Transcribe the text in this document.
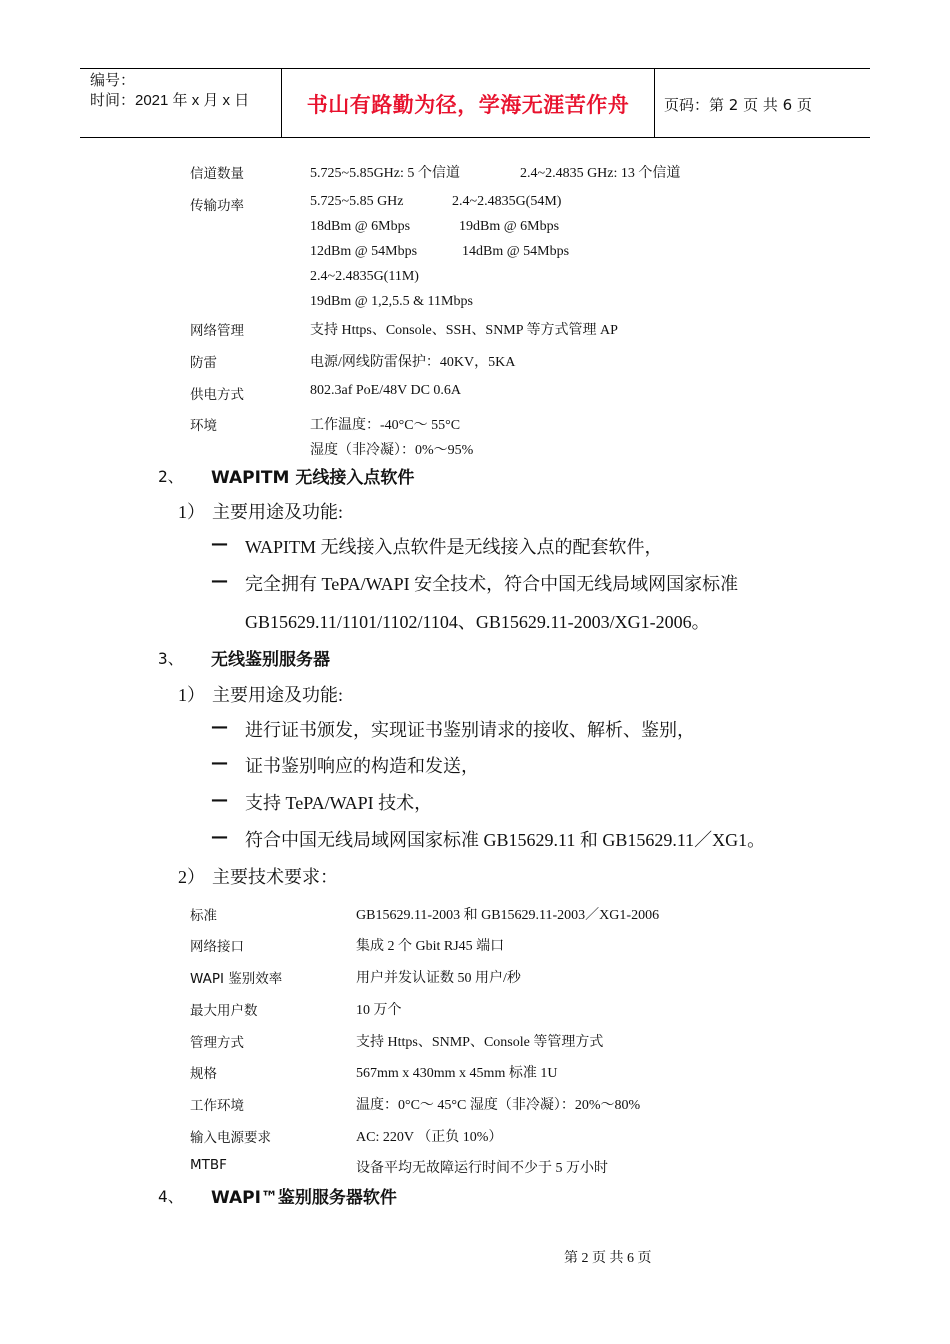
编号：
时间：2021 年 x 月 x 日	书山有路勤为径，学海无涯苦作舟	页码：第 2 页 共 6 页
信道数量	5.725~5.85GHz: 5 个信道	2.4~2.4835 GHz: 13 个信道
传输功率	5.725~5.85 GHz	2.4~2.4835G(54M)
18dBm @ 6Mbps	19dBm @ 6Mbps
12dBm @ 54Mbps	14dBm @ 54Mbps
2.4~2.4835G(11M)
19dBm @ 1,2,5.5 & 11Mbps
网络管理	支持 Https、Console、SSH、SNMP 等方式管理 AP
防雷	电源/网线防雷保护：40KV，5KA
供电方式	802.3af PoE/48V DC 0.6A
环境	工作温度：-40°C～ 55°C
湿度（非冷凝）：0%～95%
2、 WAPITM 无线接入点软件
1） 主要用途及功能:
— WAPITM 无线接入点软件是无线接入点的配套软件，
— 完全拥有 TePA/WAPI 安全技术，符合中国无线局域网国家标准
GB15629.11/1101/1102/1104、GB15629.11-2003/XG1-2006。
3、 无线鉴别服务器
1） 主要用途及功能:
— 进行证书颁发，实现证书鉴别请求的接收、解析、鉴别，
— 证书鉴别响应的构造和发送，
— 支持 TePA/WAPI 技术，
— 符合中国无线局域网国家标准 GB15629.11 和 GB15629.11／XG1。
2） 主要技术要求：
标准	GB15629.11-2003 和 GB15629.11-2003／XG1-2006
网络接口	集成 2 个 Gbit RJ45 端口
WAPI 鉴别效率	用户并发认证数 50 用户/秒
最大用户数	10 万个
管理方式	支持 Https、SNMP、Console 等管理方式
规格	567mm x 430mm x 45mm 标准 1U
工作环境	温度：0°C～ 45°C 湿度（非冷凝）：20%～80%
输入电源要求	AC: 220V （正负 10%）
MTBF	设备平均无故障运行时间不少于 5 万小时
4、 WAPI™鉴别服务器软件
第 2 页 共 6 页
